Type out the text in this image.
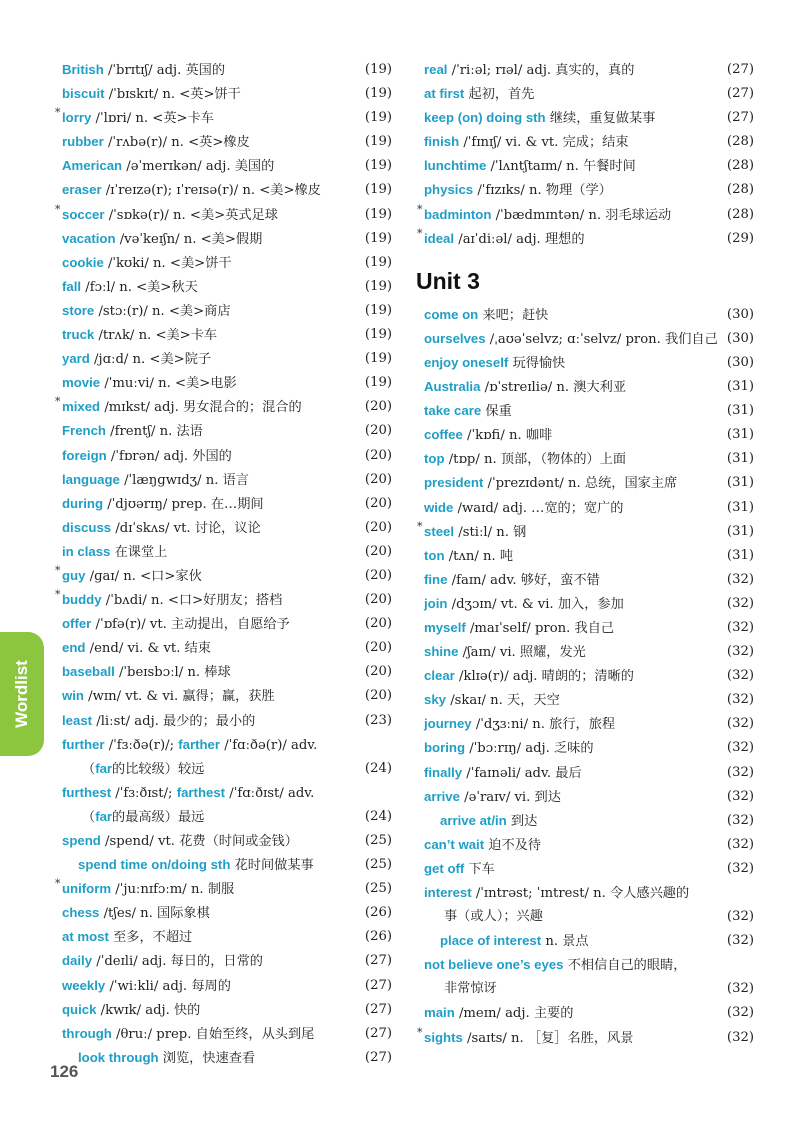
British /ˈbrɪtɪʃ/ adj. 英国的	(19)
biscuit /ˈbɪskɪt/ n. <英>饼干	(19)
* lorry /ˈlɒri/ n. <英>卡车	(19)
rubber /ˈrʌbə(r)/ n. <英>橡皮	(19)
American /əˈmerɪkən/ adj. 美国的	(19)
eraser /ɪˈreɪzə(r); ɪˈreɪsə(r)/ n. <美>橡皮	(19)
* soccer /ˈsɒkə(r)/ n. <美>英式足球	(19)
vacation /vəˈkeɪʃn/ n. <美>假期	(19)
cookie /ˈkʊki/ n. <美>饼干	(19)
fall /fɔːl/ n. <美>秋天	(19)
store /stɔː(r)/ n. <美>商店	(19)
truck /trʌk/ n. <美>卡车	(19)
yard /jɑːd/ n. <美>院子	(19)
movie /ˈmuːvi/ n. <美>电影	(19)
* mixed /mɪkst/ adj. 男女混合的；混合的	(20)
French /frentʃ/ n. 法语	(20)
foreign /ˈfɒrən/ adj. 外国的	(20)
language /ˈlæŋɡwɪdʒ/ n. 语言	(20)
during /ˈdjʊərɪŋ/ prep. 在…期间	(20)
discuss /dɪˈskʌs/ vt. 讨论，议论	(20)
in class 在课堂上	(20)
* guy /ɡaɪ/ n. <口>家伙	(20)
* buddy /ˈbʌdi/ n. <口>好朋友；搭档	(20)
offer /ˈɒfə(r)/ vt. 主动提出，自愿给予	(20)
end /end/ vi. & vt. 结束	(20)
baseball /ˈbeɪsbɔːl/ n. 棒球	(20)
win /wɪn/ vt. & vi. 赢得；赢，获胜	(20)
least /liːst/ adj. 最少的；最小的	(23)
further /ˈfɜːðə(r)/; farther /ˈfɑːðə(r)/ adv.
（far的比较级）较远	(24)
furthest /ˈfɜːðɪst/; farthest /ˈfɑːðɪst/ adv.
（far的最高级）最远	(24)
spend /spend/ vt. 花费（时间或金钱）	(25)
spend time on/doing sth 花时间做某事	(25)
* uniform /ˈjuːnɪfɔːm/ n. 制服	(25)
chess /tʃes/ n. 国际象棋	(26)
at most 至多，不超过	(26)
daily /ˈdeɪli/ adj. 每日的，日常的	(27)
weekly /ˈwiːkli/ adj. 每周的	(27)
quick /kwɪk/ adj. 快的	(27)
through /θruː/ prep. 自始至终，从头到尾	(27)
look through 浏览，快速查看	(27)
real /ˈriːəl; rɪəl/ adj. 真实的，真的	(27)
at first 起初，首先	(27)
keep (on) doing sth 继续，重复做某事	(27)
finish /ˈfɪnɪʃ/ vi. & vt. 完成；结束	(28)
lunchtime /ˈlʌntʃtaɪm/ n. 午餐时间	(28)
physics /ˈfɪzɪks/ n. 物理（学）	(28)
* badminton /ˈbædmɪntən/ n. 羽毛球运动	(28)
* ideal /aɪˈdiːəl/ adj. 理想的	(29)
Unit 3
come on 来吧；赶快	(30)
ourselves /ˌaʊəˈselvz; ɑːˈselvz/ pron. 我们自己 (30)
enjoy oneself 玩得愉快	(30)
Australia /ɒˈstreɪliə/ n. 澳大利亚	(31)
take care 保重	(31)
coffee /ˈkɒfi/ n. 咖啡	(31)
top /tɒp/ n. 顶部，（物体的）上面	(31)
president /ˈprezɪdənt/ n. 总统，国家主席	(31)
wide /waɪd/ adj. …宽的；宽广的	(31)
* steel /stiːl/ n. 钢	(31)
ton /tʌn/ n. 吨	(31)
fine /faɪn/ adv. 够好，蛮不错	(32)
join /dʒɔɪn/ vt. & vi. 加入，参加	(32)
myself /maɪˈself/ pron. 我自己	(32)
shine /ʃaɪn/ vi. 照耀，发光	(32)
clear /klɪə(r)/ adj. 晴朗的；清晰的	(32)
sky /skaɪ/ n. 天，天空	(32)
journey /ˈdʒɜːni/ n. 旅行，旅程	(32)
boring /ˈbɔːrɪŋ/ adj. 乏味的	(32)
finally /ˈfaɪnəli/ adv. 最后	(32)
arrive /əˈraɪv/ vi. 到达	(32)
arrive at/in 到达	(32)
can’t wait 迫不及待	(32)
get off 下车	(32)
interest /ˈɪntrəst; ˈɪntrest/ n. 令人感兴趣的
事（或人）；兴趣	(32)
place of interest n. 景点	(32)
not believe one’s eyes 不相信自己的眼睛，
非常惊讶	(32)
main /meɪn/ adj. 主要的	(32)
* sights /saɪts/ n. ［复］名胜，风景	(32)
Wordlist
126
